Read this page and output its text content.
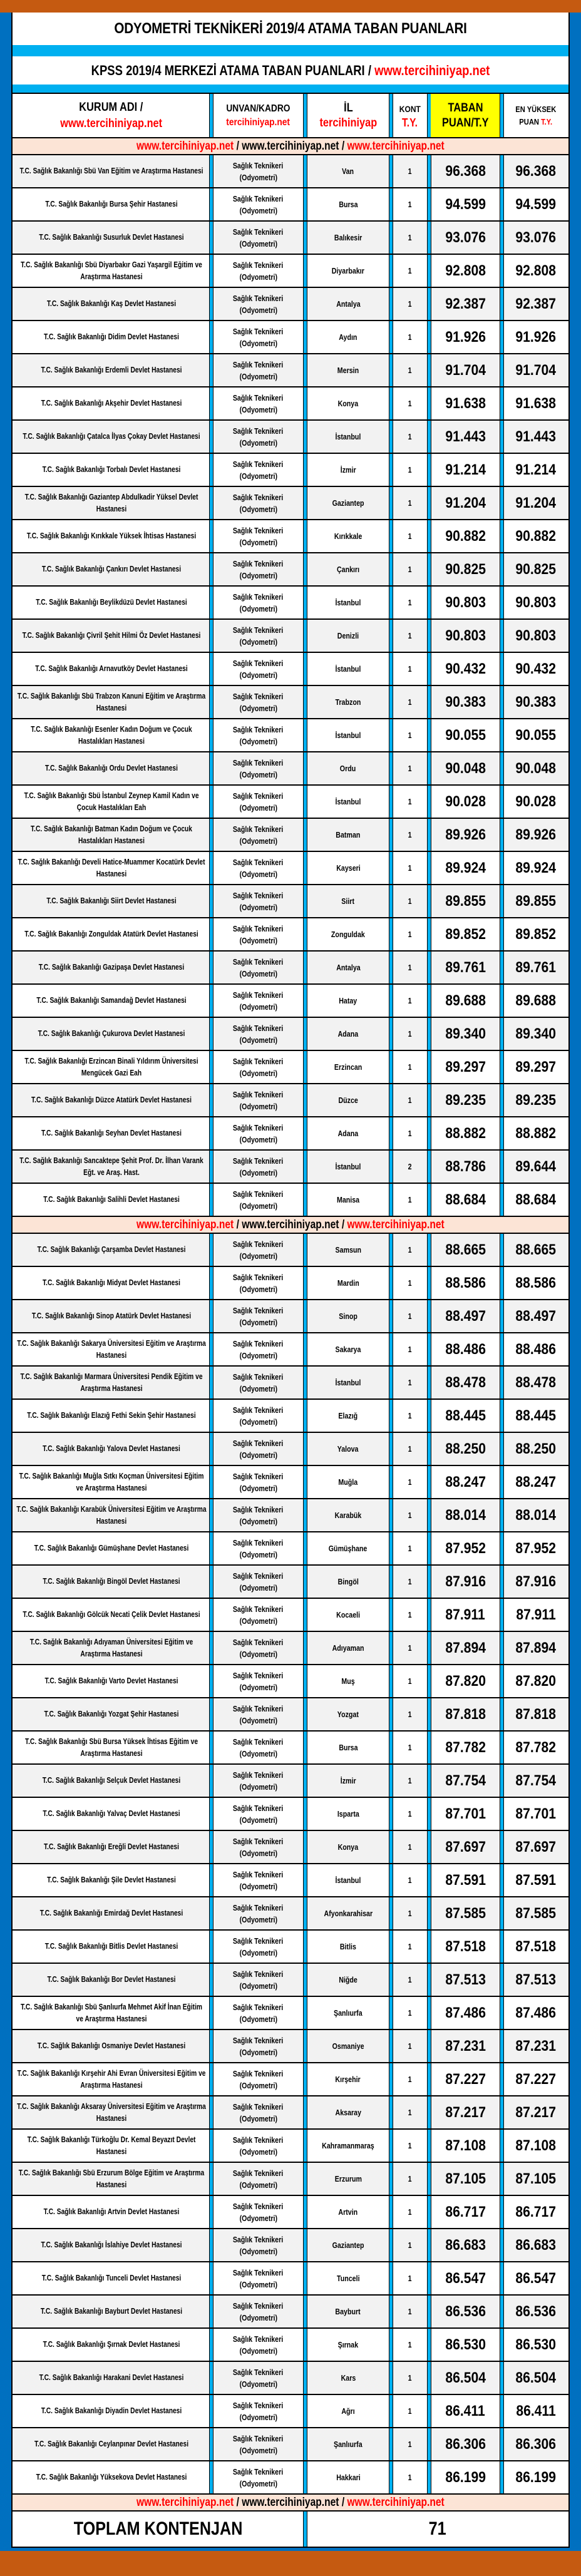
ODYOMETRİ TEKNİKERİ 2019/4 ATAMA TABAN PUANLARI
KPSS 2019/4 MERKEZİ ATAMA TABAN PUANLARI / www.tercihiniyap.net
KURUM ADI /
www.tercihiniyap.net
UNVAN/KADRO
tercihiniyap.net
İL
tercihiniyap
KONT
T.Y.
TABAN
PUAN/T.Y
EN YÜKSEK
PUAN T.Y.
www.tercihiniyap.net / www.tercihiniyap.net / www.tercihiniyap.net
T.C. Sağlık Bakanlığı Sbü Van Eğitim ve Araştırma Hastanesi
Sağlık Teknikeri
(Odyometri)
Van	1 96.368 96.368
T.C. Sağlık Bakanlığı Bursa Şehir Hastanesi
Sağlık Teknikeri
(Odyometri)
Bursa	1 94.599 94.599
T.C. Sağlık Bakanlığı Susurluk Devlet Hastanesi
Sağlık Teknikeri
(Odyometri)
Balıkesir	1 93.076 93.076
T.C. Sağlık Bakanlığı Sbü Diyarbakır Gazi Yaşargil Eğitim ve Araştırma Hastanesi
Sağlık Teknikeri
(Odyometri)
Diyarbakır	1 92.808 92.808
T.C. Sağlık Bakanlığı Kaş Devlet Hastanesi
Sağlık Teknikeri
(Odyometri)
Antalya	1 92.387 92.387
T.C. Sağlık Bakanlığı Didim Devlet Hastanesi
Sağlık Teknikeri
(Odyometri)
Aydın	1 91.926 91.926
T.C. Sağlık Bakanlığı Erdemli Devlet Hastanesi
Sağlık Teknikeri
(Odyometri)
Mersin	1 91.704 91.704
T.C. Sağlık Bakanlığı Akşehir Devlet Hastanesi
Sağlık Teknikeri
(Odyometri)
Konya	1 91.638 91.638
T.C. Sağlık Bakanlığı Çatalca İlyas Çokay Devlet Hastanesi
Sağlık Teknikeri
(Odyometri)
İstanbul	1 91.443 91.443
T.C. Sağlık Bakanlığı Torbalı Devlet Hastanesi
Sağlık Teknikeri
(Odyometri)
İzmir	1 91.214 91.214
T.C. Sağlık Bakanlığı Gaziantep Abdulkadir Yüksel Devlet Hastanesi
Sağlık Teknikeri
(Odyometri)
Gaziantep	1 91.204 91.204
T.C. Sağlık Bakanlığı Kırıkkale Yüksek İhtisas Hastanesi
Sağlık Teknikeri
(Odyometri)
Kırıkkale	1 90.882 90.882
T.C. Sağlık Bakanlığı Çankırı Devlet Hastanesi
Sağlık Teknikeri
(Odyometri)
Çankırı	1 90.825 90.825
T.C. Sağlık Bakanlığı Beylikdüzü Devlet Hastanesi
Sağlık Teknikeri
(Odyometri)
İstanbul	1 90.803 90.803
T.C. Sağlık Bakanlığı Çivril Şehit Hilmi Öz Devlet Hastanesi
Sağlık Teknikeri
(Odyometri)
Denizli	1 90.803 90.803
T.C. Sağlık Bakanlığı Arnavutköy Devlet Hastanesi
Sağlık Teknikeri
(Odyometri)
İstanbul	1 90.432 90.432
T.C. Sağlık Bakanlığı Sbü Trabzon Kanuni Eğitim ve Araştırma Hastanesi
Sağlık Teknikeri
(Odyometri)
Trabzon	1 90.383 90.383
T.C. Sağlık Bakanlığı Esenler Kadın Doğum ve Çocuk Hastalıkları Hastanesi
Sağlık Teknikeri
(Odyometri)
İstanbul	1 90.055 90.055
T.C. Sağlık Bakanlığı Ordu Devlet Hastanesi
Sağlık Teknikeri
(Odyometri)
Ordu	1 90.048 90.048
T.C. Sağlık Bakanlığı Sbü İstanbul Zeynep Kamil Kadın ve Çocuk Hastalıkları Eah
Sağlık Teknikeri
(Odyometri)
İstanbul	1 90.028 90.028
T.C. Sağlık Bakanlığı Batman Kadın Doğum ve Çocuk Hastalıkları Hastanesi
Sağlık Teknikeri
(Odyometri)
Batman	1 89.926 89.926
T.C. Sağlık Bakanlığı Develi Hatice-Muammer Kocatürk Devlet Hastanesi
Sağlık Teknikeri
(Odyometri)
Kayseri	1 89.924 89.924
T.C. Sağlık Bakanlığı Siirt Devlet Hastanesi
Sağlık Teknikeri
(Odyometri)
Siirt	1 89.855 89.855
T.C. Sağlık Bakanlığı Zonguldak Atatürk Devlet Hastanesi
Sağlık Teknikeri
(Odyometri)
Zonguldak	1 89.852 89.852
T.C. Sağlık Bakanlığı Gazipaşa Devlet Hastanesi
Sağlık Teknikeri
(Odyometri)
Antalya	1 89.761 89.761
T.C. Sağlık Bakanlığı Samandağ Devlet Hastanesi
Sağlık Teknikeri
(Odyometri)
Hatay	1 89.688 89.688
T.C. Sağlık Bakanlığı Çukurova Devlet Hastanesi
Sağlık Teknikeri
(Odyometri)
Adana	1 89.340 89.340
T.C. Sağlık Bakanlığı Erzincan Binali Yıldırım Üniversitesi Mengücek Gazi Eah
Sağlık Teknikeri
(Odyometri)
Erzincan	1 89.297 89.297
T.C. Sağlık Bakanlığı Düzce Atatürk Devlet Hastanesi
Sağlık Teknikeri
(Odyometri)
Düzce	1 89.235 89.235
T.C. Sağlık Bakanlığı Seyhan Devlet Hastanesi
Sağlık Teknikeri
(Odyometri)
Adana	1 88.882 88.882
T.C. Sağlık Bakanlığı Sancaktepe Şehit Prof. Dr. İlhan Varank Eğt. ve Araş. Hast.
Sağlık Teknikeri
(Odyometri)
İstanbul	2 88.786 89.644
T.C. Sağlık Bakanlığı Salihli Devlet Hastanesi
Sağlık Teknikeri
(Odyometri)
Manisa	1 88.684 88.684
www.tercihiniyap.net / www.tercihiniyap.net / www.tercihiniyap.net
T.C. Sağlık Bakanlığı Çarşamba Devlet Hastanesi
Sağlık Teknikeri
(Odyometri)
Samsun	1 88.665 88.665
T.C. Sağlık Bakanlığı Midyat Devlet Hastanesi
Sağlık Teknikeri
(Odyometri)
Mardin	1 88.586 88.586
T.C. Sağlık Bakanlığı Sinop Atatürk Devlet Hastanesi
Sağlık Teknikeri
(Odyometri)
Sinop	1 88.497 88.497
T.C. Sağlık Bakanlığı Sakarya Üniversitesi Eğitim ve Araştırma Hastanesi
Sağlık Teknikeri
(Odyometri)
Sakarya	1 88.486 88.486
T.C. Sağlık Bakanlığı Marmara Üniversitesi Pendik Eğitim ve Araştırma Hastanesi
Sağlık Teknikeri
(Odyometri)
İstanbul	1 88.478 88.478
T.C. Sağlık Bakanlığı Elazığ Fethi Sekin Şehir Hastanesi
Sağlık Teknikeri
(Odyometri)
Elazığ	1 88.445 88.445
T.C. Sağlık Bakanlığı Yalova Devlet Hastanesi
Sağlık Teknikeri
(Odyometri)
Yalova	1 88.250 88.250
T.C. Sağlık Bakanlığı Muğla Sıtkı Koçman Üniversitesi Eğitim ve Araştırma Hastanesi
Sağlık Teknikeri
(Odyometri)
Muğla	1 88.247 88.247
T.C. Sağlık Bakanlığı Karabük Üniversitesi Eğitim ve Araştırma Hastanesi
Sağlık Teknikeri
(Odyometri)
Karabük	1 88.014 88.014
T.C. Sağlık Bakanlığı Gümüşhane Devlet Hastanesi
Sağlık Teknikeri
(Odyometri)
Gümüşhane	1 87.952 87.952
T.C. Sağlık Bakanlığı Bingöl Devlet Hastanesi
Sağlık Teknikeri
(Odyometri)
Bingöl	1 87.916 87.916
T.C. Sağlık Bakanlığı Gölcük Necati Çelik Devlet Hastanesi
Sağlık Teknikeri
(Odyometri)
Kocaeli	1 87.911 87.911
T.C. Sağlık Bakanlığı Adıyaman Üniversitesi Eğitim ve Araştırma Hastanesi
Sağlık Teknikeri
(Odyometri)
Adıyaman	1 87.894 87.894
T.C. Sağlık Bakanlığı Varto Devlet Hastanesi
Sağlık Teknikeri
(Odyometri)
Muş	1 87.820 87.820
T.C. Sağlık Bakanlığı Yozgat Şehir Hastanesi
Sağlık Teknikeri
(Odyometri)
Yozgat	1 87.818 87.818
T.C. Sağlık Bakanlığı Sbü Bursa Yüksek İhtisas Eğitim ve Araştırma Hastanesi
Sağlık Teknikeri
(Odyometri)
Bursa	1 87.782 87.782
T.C. Sağlık Bakanlığı Selçuk Devlet Hastanesi
Sağlık Teknikeri
(Odyometri)
İzmir	1 87.754 87.754
T.C. Sağlık Bakanlığı Yalvaç Devlet Hastanesi
Sağlık Teknikeri
(Odyometri)
Isparta	1 87.701 87.701
T.C. Sağlık Bakanlığı Ereğli Devlet Hastanesi
Sağlık Teknikeri
(Odyometri)
Konya	1 87.697 87.697
T.C. Sağlık Bakanlığı Şile Devlet Hastanesi
Sağlık Teknikeri
(Odyometri)
İstanbul	1 87.591 87.591
T.C. Sağlık Bakanlığı Emirdağ Devlet Hastanesi
Sağlık Teknikeri
(Odyometri)
Afyonkarahisar	1 87.585 87.585
T.C. Sağlık Bakanlığı Bitlis Devlet Hastanesi
Sağlık Teknikeri
(Odyometri)
Bitlis	1 87.518 87.518
T.C. Sağlık Bakanlığı Bor Devlet Hastanesi
Sağlık Teknikeri
(Odyometri)
Niğde	1 87.513 87.513
T.C. Sağlık Bakanlığı Sbü Şanlıurfa Mehmet Akif İnan Eğitim ve Araştırma Hastanesi
Sağlık Teknikeri
(Odyometri)
Şanlıurfa	1 87.486 87.486
T.C. Sağlık Bakanlığı Osmaniye Devlet Hastanesi
Sağlık Teknikeri
(Odyometri)
Osmaniye	1 87.231 87.231
T.C. Sağlık Bakanlığı Kırşehir Ahi Evran Üniversitesi Eğitim ve Araştırma Hastanesi
Sağlık Teknikeri
(Odyometri)
Kırşehir	1 87.227 87.227
T.C. Sağlık Bakanlığı Aksaray Üniversitesi Eğitim ve Araştırma Hastanesi
Sağlık Teknikeri
(Odyometri)
Aksaray	1 87.217 87.217
T.C. Sağlık Bakanlığı Türkoğlu Dr. Kemal Beyazıt Devlet Hastanesi
Sağlık Teknikeri
(Odyometri)
Kahramanmaraş	1 87.108 87.108
T.C. Sağlık Bakanlığı Sbü Erzurum Bölge Eğitim ve Araştırma Hastanesi
Sağlık Teknikeri
(Odyometri)
Erzurum	1 87.105 87.105
T.C. Sağlık Bakanlığı Artvin Devlet Hastanesi
Sağlık Teknikeri
(Odyometri)
Artvin	1 86.717 86.717
T.C. Sağlık Bakanlığı İslahiye Devlet Hastanesi
Sağlık Teknikeri
(Odyometri)
Gaziantep	1 86.683 86.683
T.C. Sağlık Bakanlığı Tunceli Devlet Hastanesi
Sağlık Teknikeri
(Odyometri)
Tunceli	1 86.547 86.547
T.C. Sağlık Bakanlığı Bayburt Devlet Hastanesi
Sağlık Teknikeri
(Odyometri)
Bayburt	1 86.536 86.536
T.C. Sağlık Bakanlığı Şırnak Devlet Hastanesi
Sağlık Teknikeri
(Odyometri)
Şırnak	1 86.530 86.530
T.C. Sağlık Bakanlığı Harakani Devlet Hastanesi
Sağlık Teknikeri
(Odyometri)
Kars	1 86.504 86.504
T.C. Sağlık Bakanlığı Diyadin Devlet Hastanesi
Sağlık Teknikeri
(Odyometri)
Ağrı	1 86.411 86.411
T.C. Sağlık Bakanlığı Ceylanpınar Devlet Hastanesi
Sağlık Teknikeri
(Odyometri)
Şanlıurfa	1 86.306 86.306
T.C. Sağlık Bakanlığı Yüksekova Devlet Hastanesi
Sağlık Teknikeri
(Odyometri)
Hakkari	1 86.199 86.199
www.tercihiniyap.net / www.tercihiniyap.net / www.tercihiniyap.net
TOPLAM KONTENJAN	71
